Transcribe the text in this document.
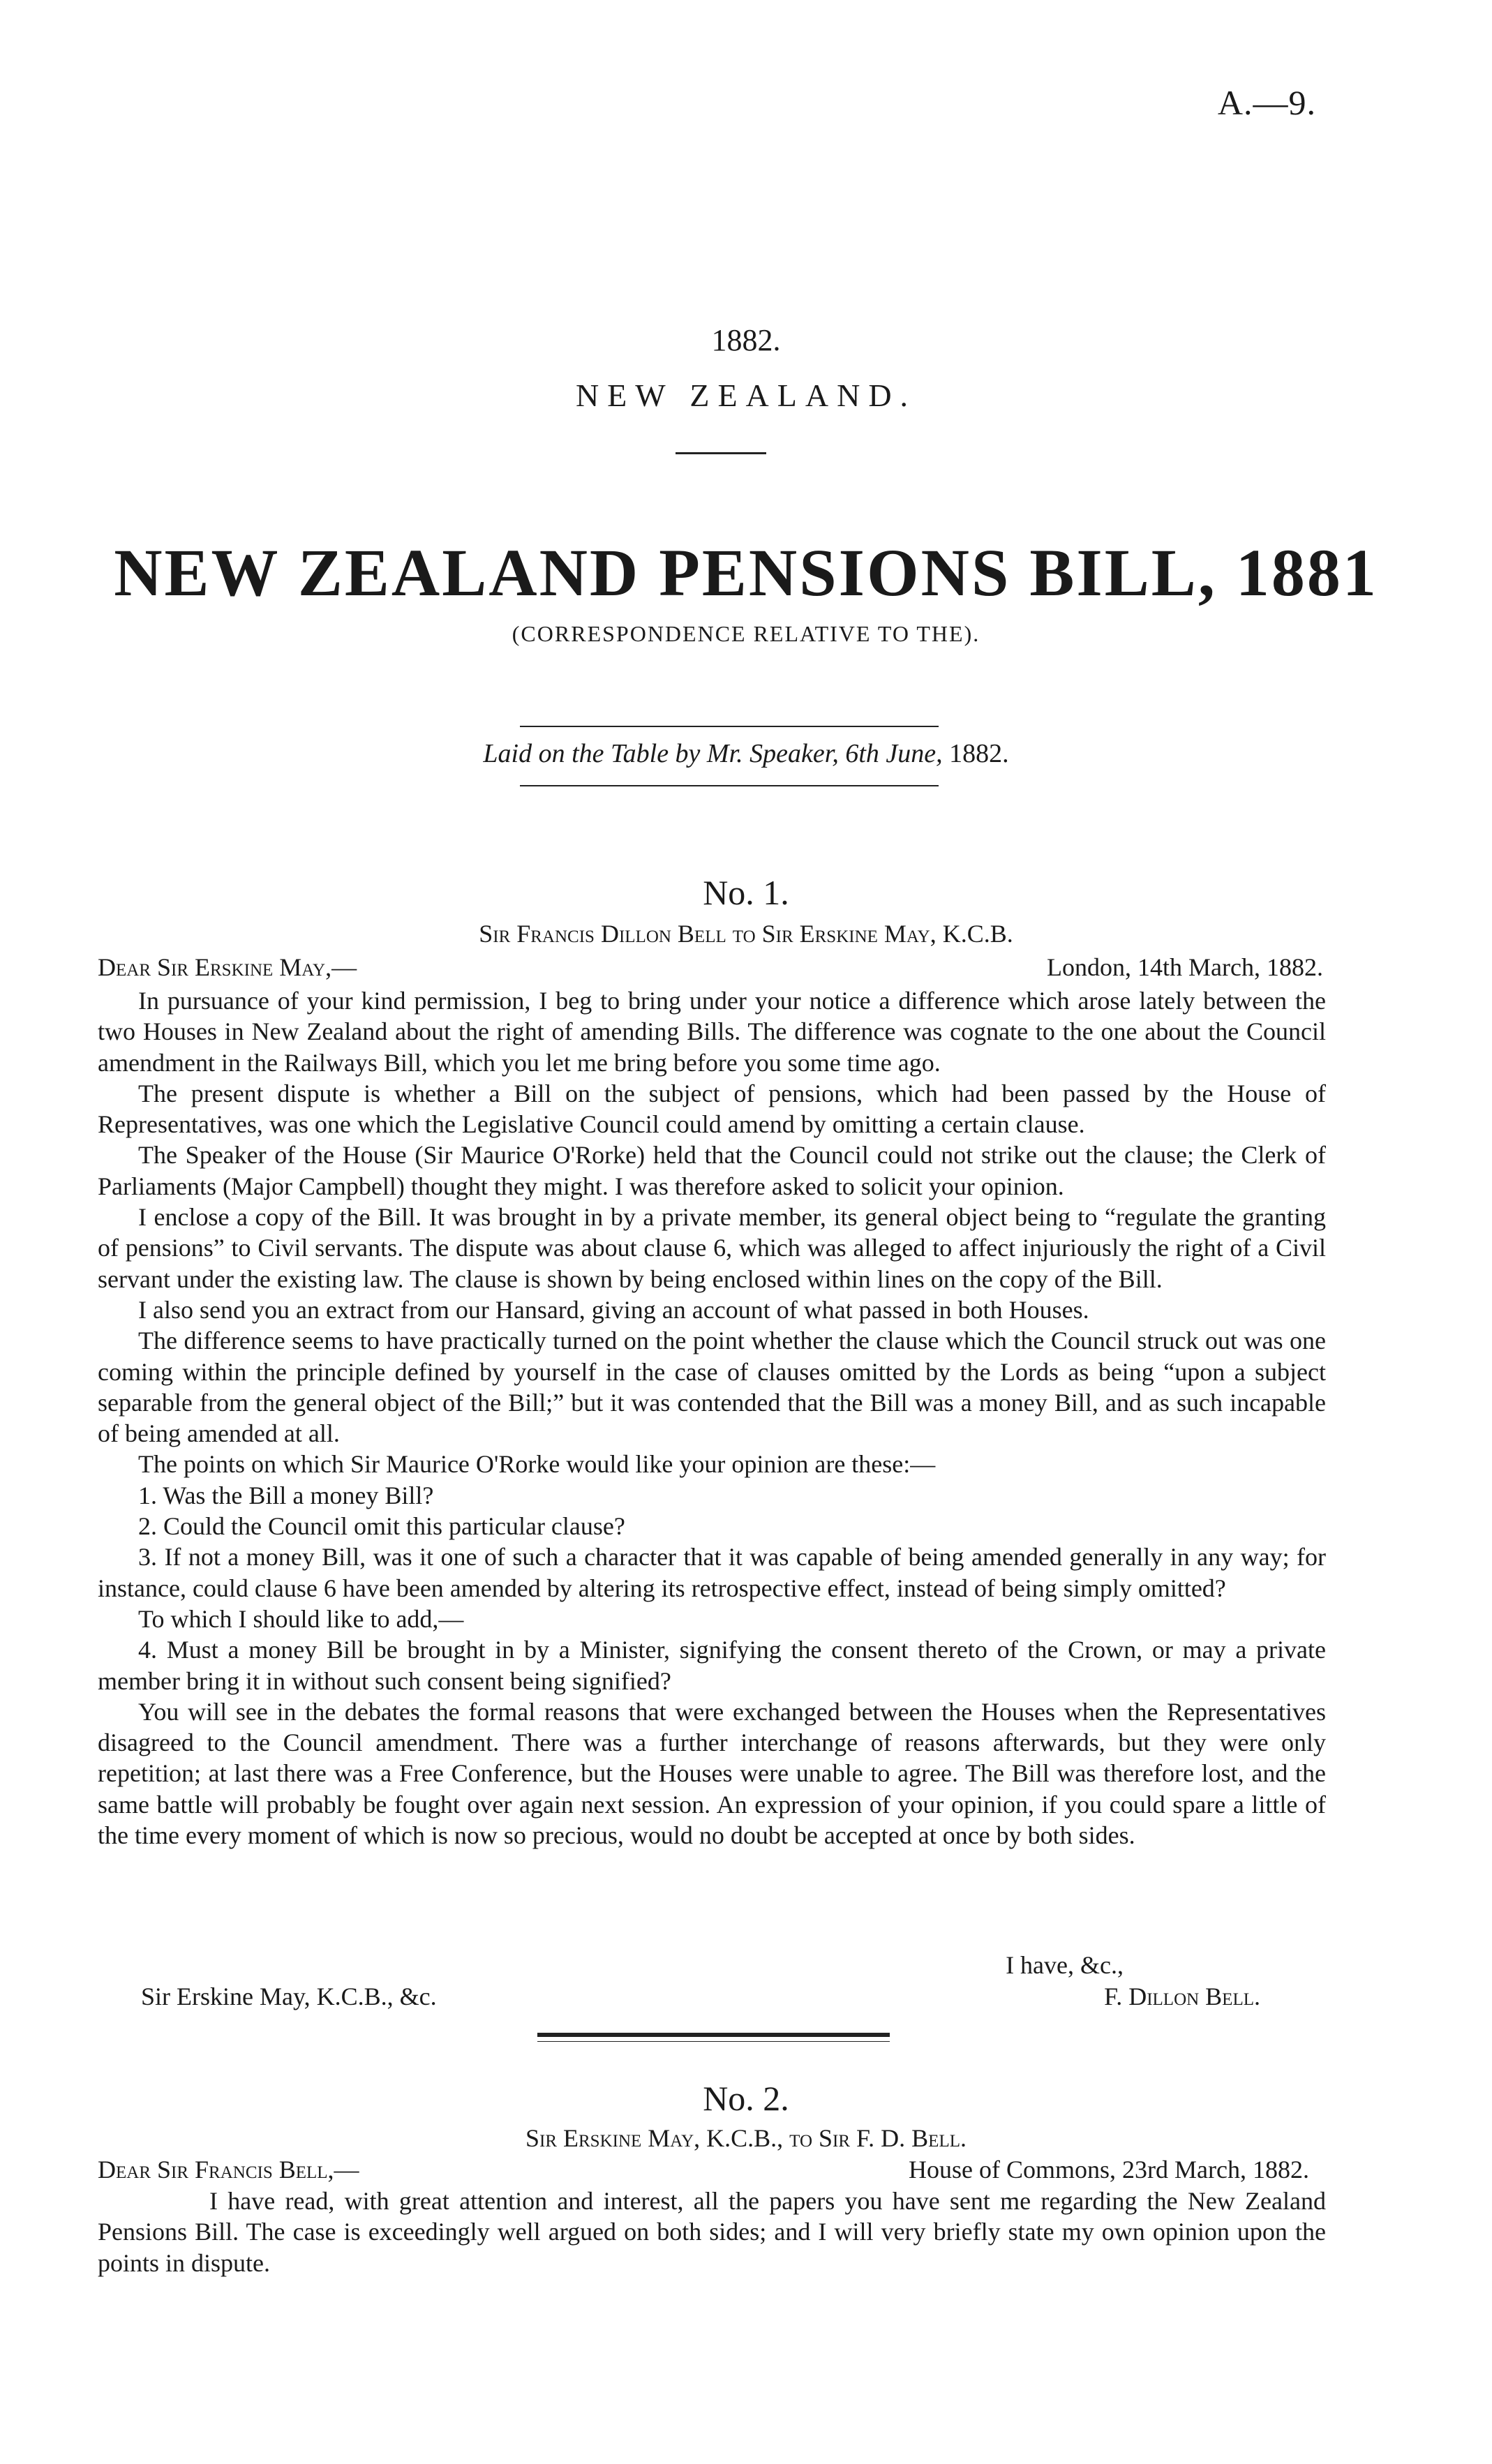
A.—9.
1882.
NEW ZEALAND.
NEW ZEALAND PENSIONS BILL, 1881
(CORRESPONDENCE RELATIVE TO THE).
Laid on the Table by Mr. Speaker, 6th June, 1882.
No. 1.
Sir Francis Dillon Bell to Sir Erskine May, K.C.B.
Dear Sir Erskine May,—	London, 14th March, 1882.

In pursuance of your kind permission, I beg to bring under your notice a difference which arose lately between the two Houses in New Zealand about the right of amending Bills. The difference was cognate to the one about the Council amendment in the Railways Bill, which you let me bring before you some time ago.

The present dispute is whether a Bill on the subject of pensions, which had been passed by the House of Representatives, was one which the Legislative Council could amend by omitting a certain clause.

The Speaker of the House (Sir Maurice O'Rorke) held that the Council could not strike out the clause; the Clerk of Parliaments (Major Campbell) thought they might. I was therefore asked to solicit your opinion.

I enclose a copy of the Bill. It was brought in by a private member, its general object being to “regulate the granting of pensions” to Civil servants. The dispute was about clause 6, which was alleged to affect injuriously the right of a Civil servant under the existing law. The clause is shown by being enclosed within lines on the copy of the Bill.

I also send you an extract from our Hansard, giving an account of what passed in both Houses.

The difference seems to have practically turned on the point whether the clause which the Council struck out was one coming within the principle defined by yourself in the case of clauses omitted by the Lords as being “upon a subject separable from the general object of the Bill;” but it was contended that the Bill was a money Bill, and as such incapable of being amended at all.

The points on which Sir Maurice O'Rorke would like your opinion are these:—

1. Was the Bill a money Bill?

2. Could the Council omit this particular clause?

3. If not a money Bill, was it one of such a character that it was capable of being amended generally in any way; for instance, could clause 6 have been amended by altering its retrospective effect, instead of being simply omitted?

To which I should like to add,—

4. Must a money Bill be brought in by a Minister, signifying the consent thereto of the Crown, or may a private member bring it in without such consent being signified?

You will see in the debates the formal reasons that were exchanged between the Houses when the Representatives disagreed to the Council amendment. There was a further interchange of reasons afterwards, but they were only repetition; at last there was a Free Conference, but the Houses were unable to agree. The Bill was therefore lost, and the same battle will probably be fought over again next session. An expression of your opinion, if you could spare a little of the time every moment of which is now so precious, would no doubt be accepted at once by both sides.

I have, &c.,
Sir Erskine May, K.C.B., &c.	F. Dillon Bell.
No. 2.
Sir Erskine May, K.C.B., to Sir F. D. Bell.
Dear Sir Francis Bell,—	House of Commons, 23rd March, 1882.

I have read, with great attention and interest, all the papers you have sent me regarding the New Zealand Pensions Bill. The case is exceedingly well argued on both sides; and I will very briefly state my own opinion upon the points in dispute.
